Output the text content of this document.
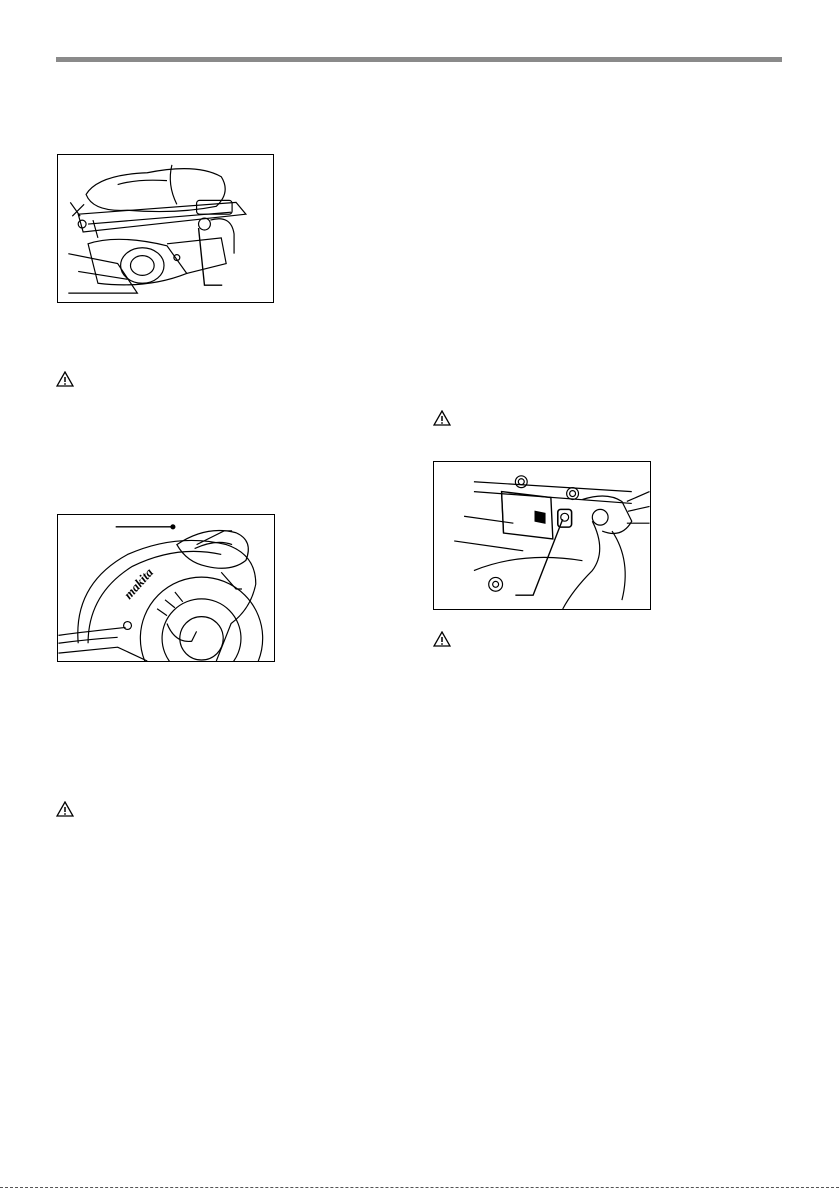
makita
